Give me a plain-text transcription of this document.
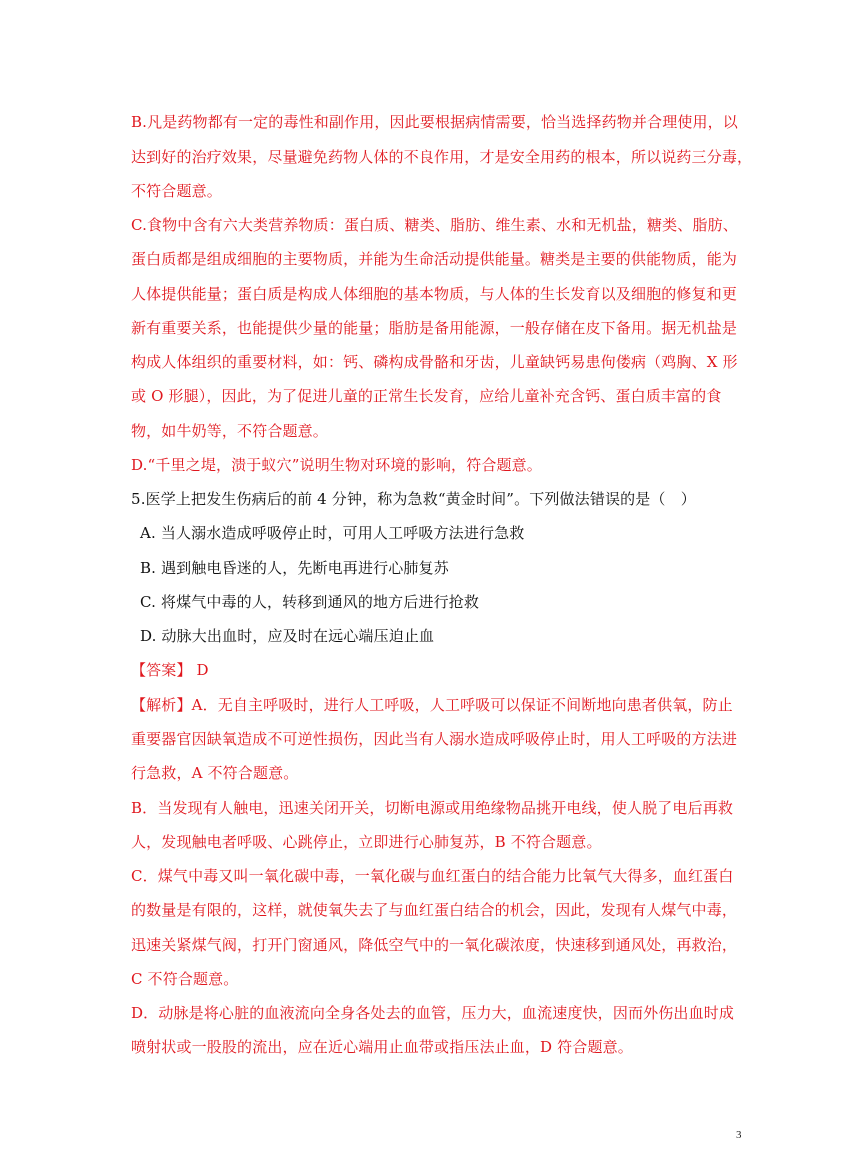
B.凡是药物都有一定的毒性和副作用，因此要根据病情需要，恰当选择药物并合理使用，以

达到好的治疗效果，尽量避免药物人体的不良作用，才是安全用药的根本，所以说药三分毒，

不符合题意。

C.食物中含有六大类营养物质：蛋白质、糖类、脂肪、维生素、水和无机盐，糖类、脂肪、

蛋白质都是组成细胞的主要物质，并能为生命活动提供能量。糖类是主要的供能物质，能为

人体提供能量；蛋白质是构成人体细胞的基本物质，与人体的生长发育以及细胞的修复和更

新有重要关系，也能提供少量的能量；脂肪是备用能源，一般存储在皮下备用。据无机盐是

构成人体组织的重要材料，如：钙、磷构成骨骼和牙齿，儿童缺钙易患佝偻病（鸡胸、X 形

或 O 形腿），因此，为了促进儿童的正常生长发育，应给儿童补充含钙、蛋白质丰富的食

物，如牛奶等，不符合题意。

D.“千里之堤，溃于蚁穴”说明生物对环境的影响，符合题意。

5.医学上把发生伤病后的前 4 分钟，称为急救“黄金时间”。下列做法错误的是（　）

A. 当人溺水造成呼吸停止时，可用人工呼吸方法进行急救

B. 遇到触电昏迷的人，先断电再进行心肺复苏

C. 将煤气中毒的人，转移到通风的地方后进行抢救

D. 动脉大出血时，应及时在远心端压迫止血

【答案】 D

【解析】A．无自主呼吸时，进行人工呼吸，人工呼吸可以保证不间断地向患者供氧，防止

重要器官因缺氧造成不可逆性损伤，因此当有人溺水造成呼吸停止时，用人工呼吸的方法进

行急救，A 不符合题意。

B．当发现有人触电，迅速关闭开关，切断电源或用绝缘物品挑开电线，使人脱了电后再救

人，发现触电者呼吸、心跳停止，立即进行心肺复苏，B 不符合题意。

C．煤气中毒又叫一氧化碳中毒，一氧化碳与血红蛋白的结合能力比氧气大得多，血红蛋白

的数量是有限的，这样，就使氧失去了与血红蛋白结合的机会，因此，发现有人煤气中毒，

迅速关紧煤气阀，打开门窗通风，降低空气中的一氧化碳浓度，快速移到通风处，再救治，

C 不符合题意。

D．动脉是将心脏的血液流向全身各处去的血管，压力大，血流速度快，因而外伤出血时成

喷射状或一股股的流出，应在近心端用止血带或指压法止血，D 符合题意。

3
